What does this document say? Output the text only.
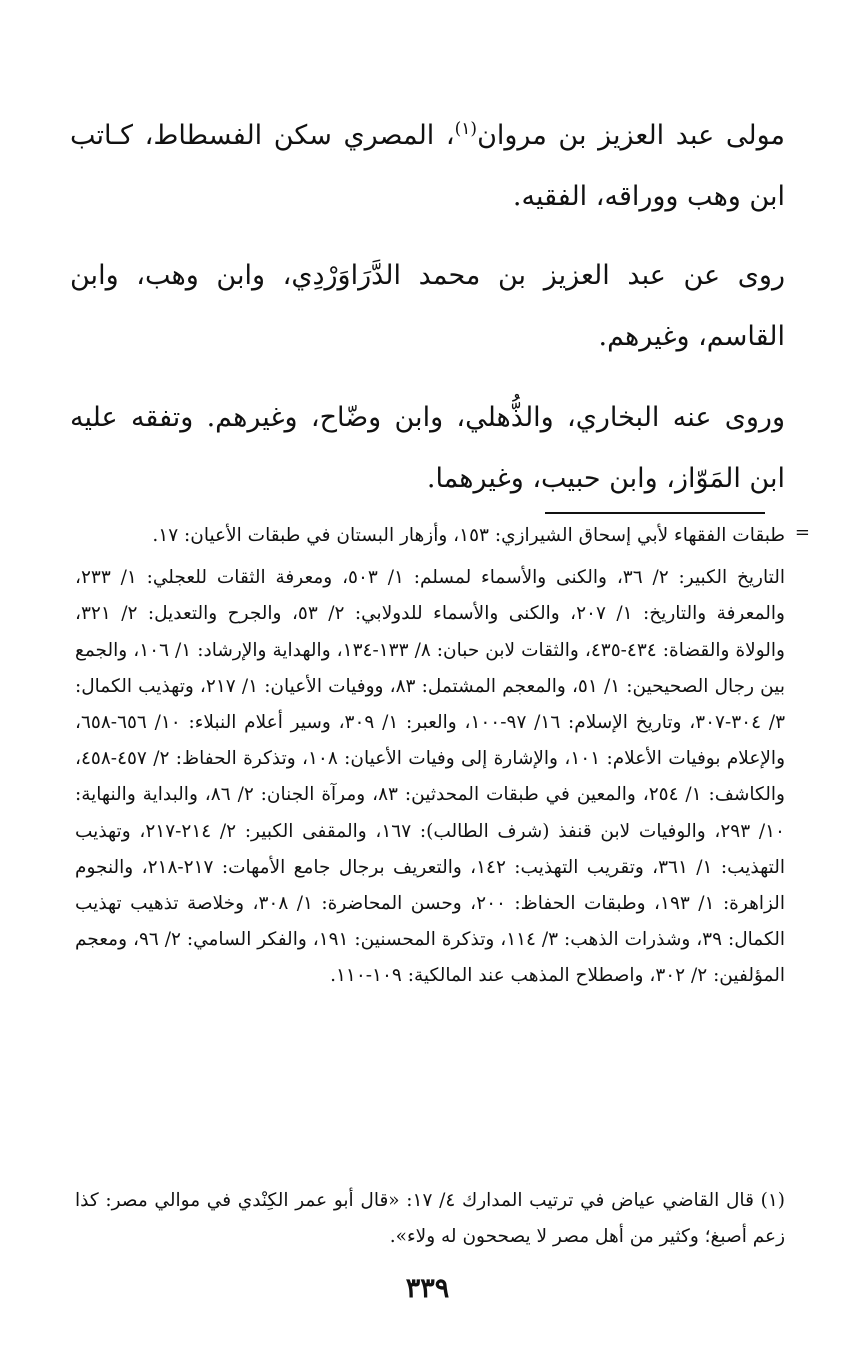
مولى عبد العزيز بن مروان$^{(١)}$، المصري سكن الفسطاط، كـاتب ابن وهب ووراقه، الفقيه.

روى عن عبد العزيز بن محمد الدَّرَاوَرْدِي، وابن وهب، وابن القاسم، وغيرهم.

وروى عنه البخاري، والذُّهلي، وابن وضّاح، وغيرهم. وتفقه عليه ابن المَوّاز، وابن حبيب، وغيرهما.

=

طبقات الفقهاء لأبي إسحاق الشيرازي: ١٥٣، وأزهار البستان في طبقات الأعيان: ١٧.

التاريخ الكبير: ٢/ ٣٦، والكنى والأسماء لمسلم: ١/ ٥٠٣، ومعرفة الثقات للعجلي: ١/ ٢٣٣، والمعرفة والتاريخ: ١/ ٢٠٧، والكنى والأسماء للدولابي: ٢/ ٥٣، والجرح والتعديل: ٢/ ٣٢١، والولاة والقضاة: ٤٣٤-٤٣٥، والثقات لابن حبان: ٨/ ١٣٣-١٣٤، والهداية والإرشاد: ١/ ١٠٦، والجمع بين رجال الصحيحين: ١/ ٥١، والمعجم المشتمل: ٨٣، ووفيات الأعيان: ١/ ٢١٧، وتهذيب الكمال: ٣/ ٣٠٤-٣٠٧، وتاريخ الإسلام: ١٦/ ٩٧-١٠٠، والعبر: ١/ ٣٠٩، وسير أعلام النبلاء: ١٠/ ٦٥٦-٦٥٨، والإعلام بوفيات الأعلام: ١٠١، والإشارة إلى وفيات الأعيان: ١٠٨، وتذكرة الحفاظ: ٢/ ٤٥٧-٤٥٨، والكاشف: ١/ ٢٥٤، والمعين في طبقات المحدثين: ٨٣، ومرآة الجنان: ٢/ ٨٦، والبداية والنهاية: ١٠/ ٢٩٣، والوفيات لابن قنفذ (شرف الطالب): ١٦٧، والمقفى الكبير: ٢/ ٢١٤-٢١٧، وتهذيب التهذيب: ١/ ٣٦١، وتقريب التهذيب: ١٤٢، والتعريف برجال جامع الأمهات: ٢١٧-٢١٨، والنجوم الزاهرة: ١/ ١٩٣، وطبقات الحفاظ: ٢٠٠، وحسن المحاضرة: ١/ ٣٠٨، وخلاصة تذهيب تهذيب الكمال: ٣٩، وشذرات الذهب: ٣/ ١١٤، وتذكرة المحسنين: ١٩١، والفكر السامي: ٢/ ٩٦، ومعجم المؤلفين: ٢/ ٣٠٢، واصطلاح المذهب عند المالكية: ١٠٩-١١٠.

(١) قال القاضي عياض في ترتيب المدارك ٤/ ١٧: «قال أبو عمر الكِنْدي في موالي مصر: كذا زعم أصبغ؛ وكثير من أهل مصر لا يصححون له ولاء».

٣٣٩
